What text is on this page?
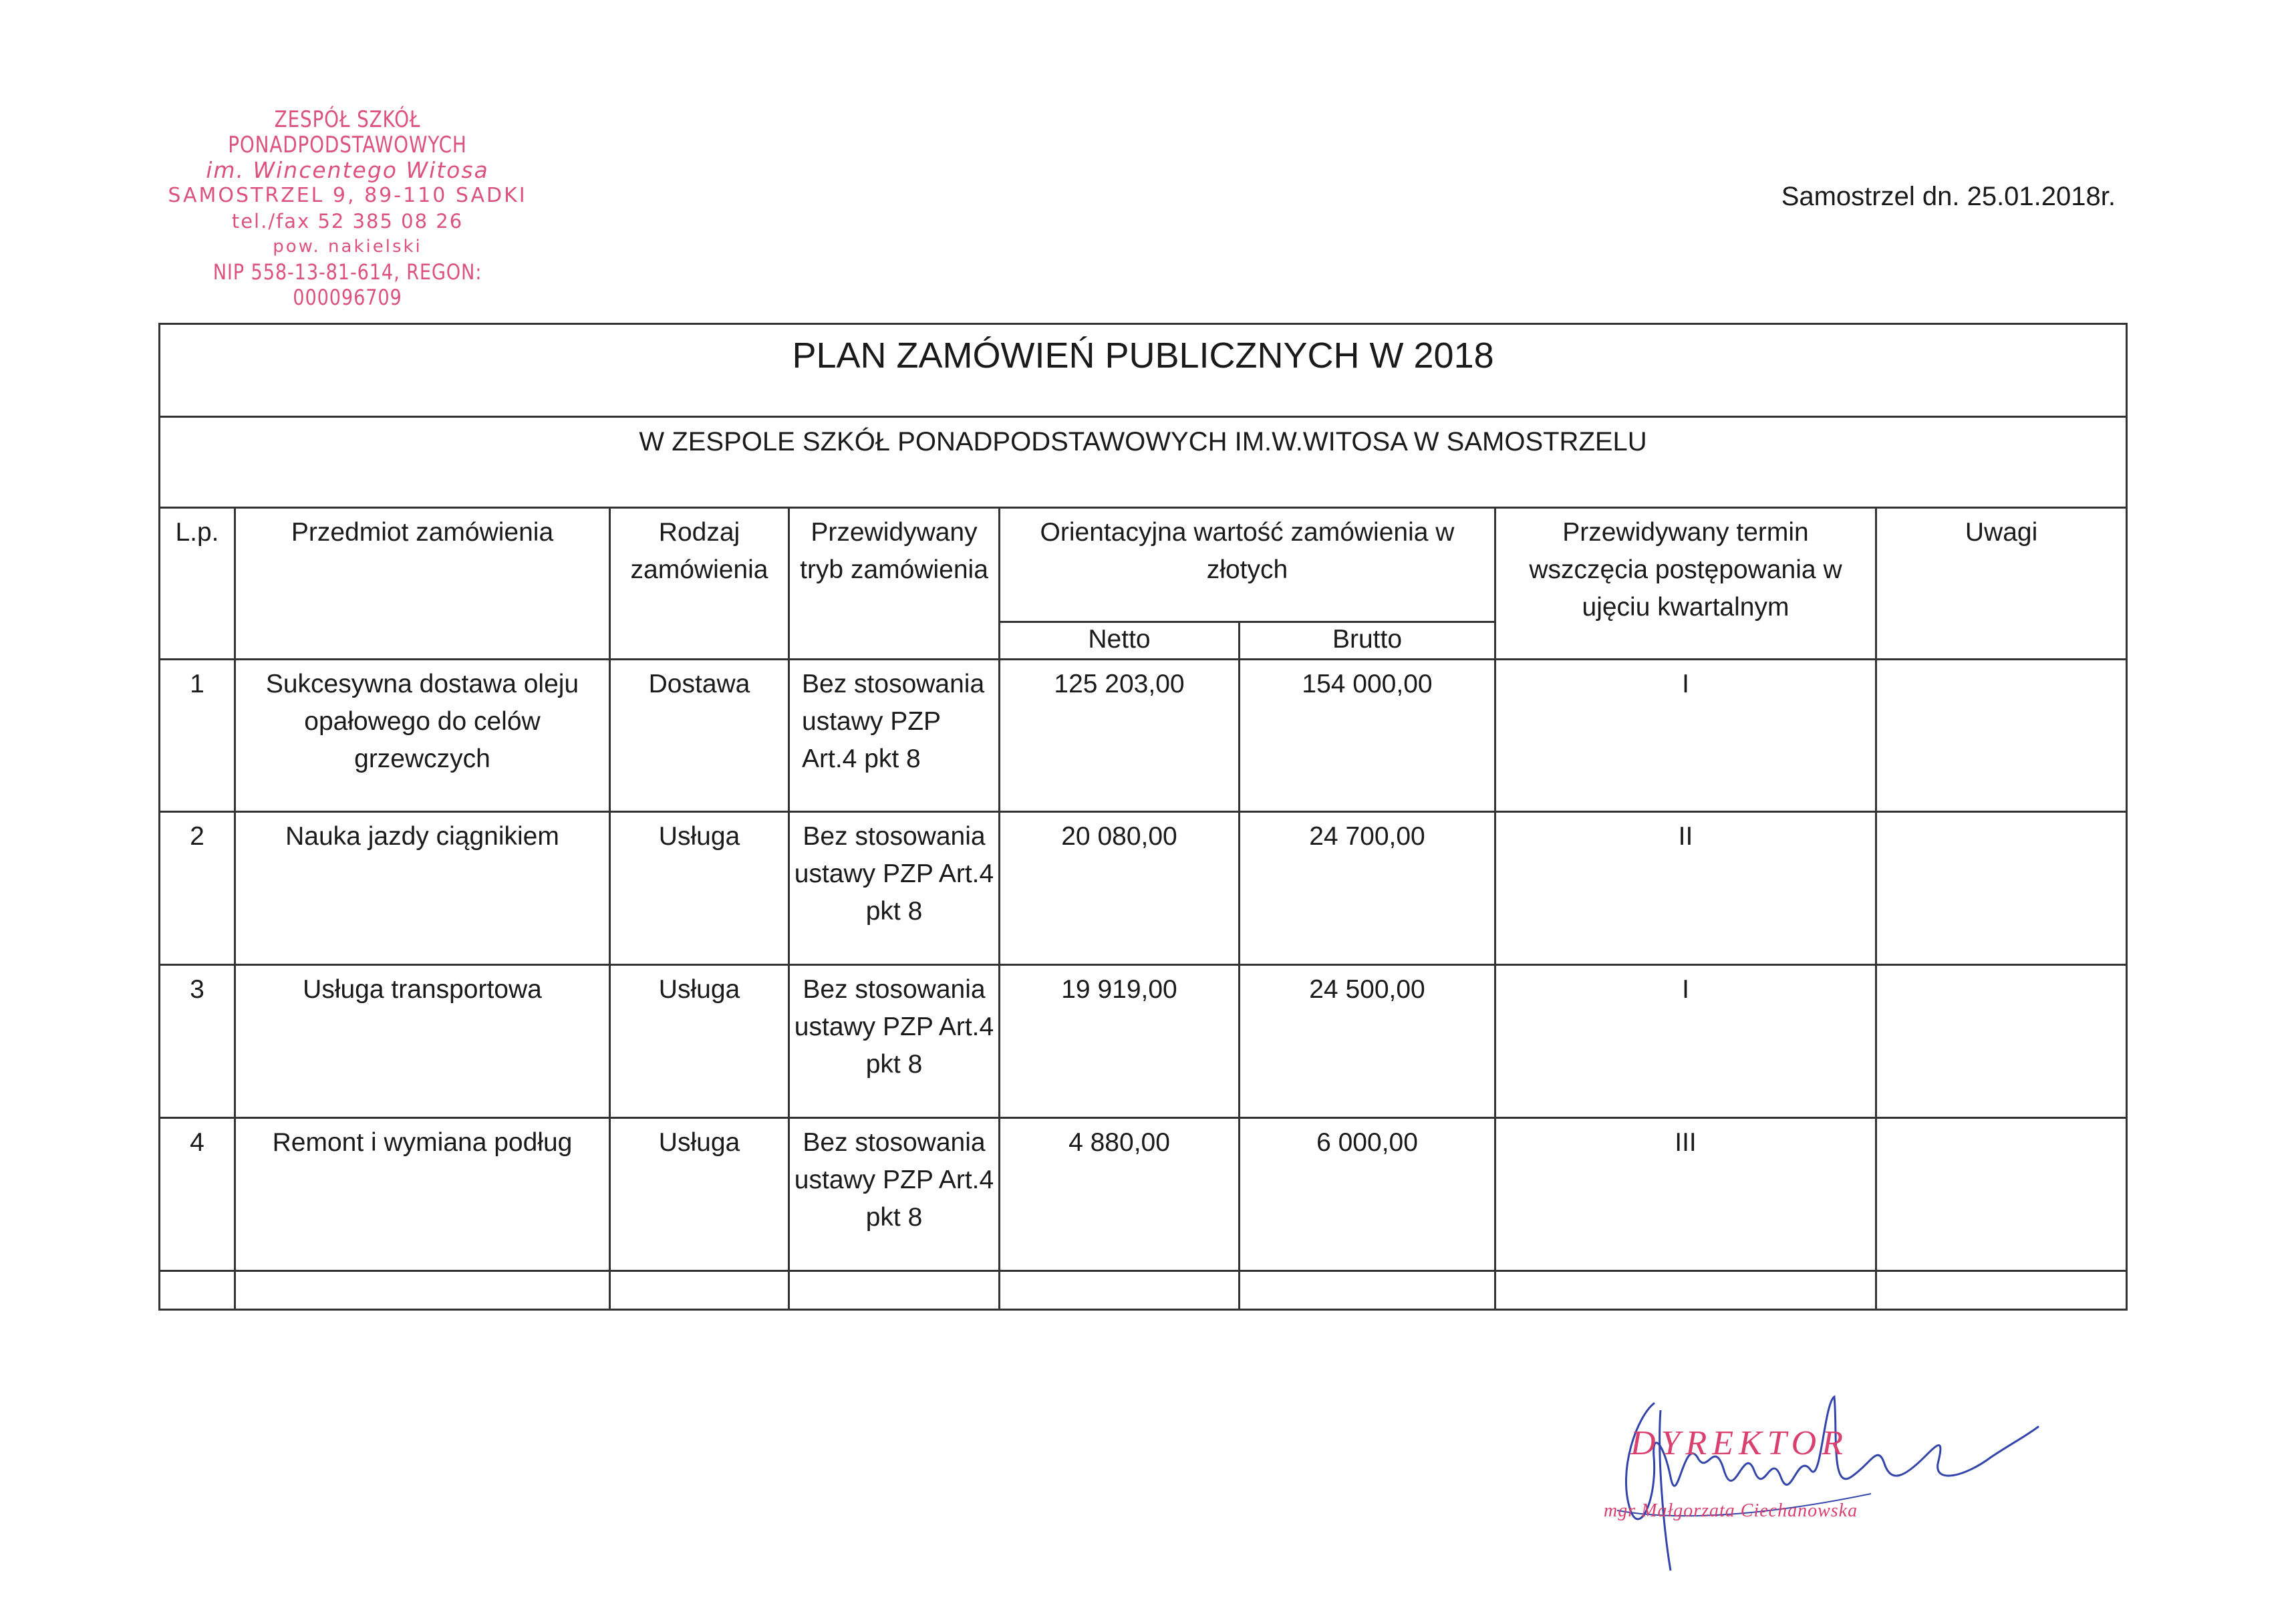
ZESPÓŁ SZKÓŁ PONADPODSTAWOWYCH
im. Wincentego Witosa
SAMOSTRZEL 9, 89-110 SADKI
tel./fax 52 385 08 26
pow. nakielski
NIP 558-13-81-614, REGON: 000096709
Samostrzel dn. 25.01.2018r.
PLAN ZAMÓWIEŃ PUBLICZNYCH W 2018							
W ZESPOLE SZKÓŁ PONADPODSTAWOWYCH IM.W.WITOSA W SAMOSTRZELU							
L.p.	Przedmiot zamówienia	Rodzaj zamówienia	Przewidywany tryb zamówienia	Orientacyjna wartość zamówienia w złotych		Przewidywany termin wszczęcia postępowania w ujęciu kwartalnym	Uwagi
				Netto	Brutto		
1	Sukcesywna dostawa oleju opałowego do celów grzewczych	Dostawa	Bez stosowania ustawy PZP Art.4 pkt 8	125 203,00	154 000,00	I	
2	Nauka jazdy ciągnikiem	Usługa	Bez stosowania ustawy PZP Art.4 pkt 8	20 080,00	24 700,00	II	
3	Usługa transportowa	Usługa	Bez stosowania ustawy PZP Art.4 pkt 8	19 919,00	24 500,00	I	
4	Remont i wymiana podług	Usługa	Bez stosowania ustawy PZP Art.4 pkt 8	4 880,00	6 000,00	III	

DYREKTOR
mgr Małgorzata Ciechanowska
